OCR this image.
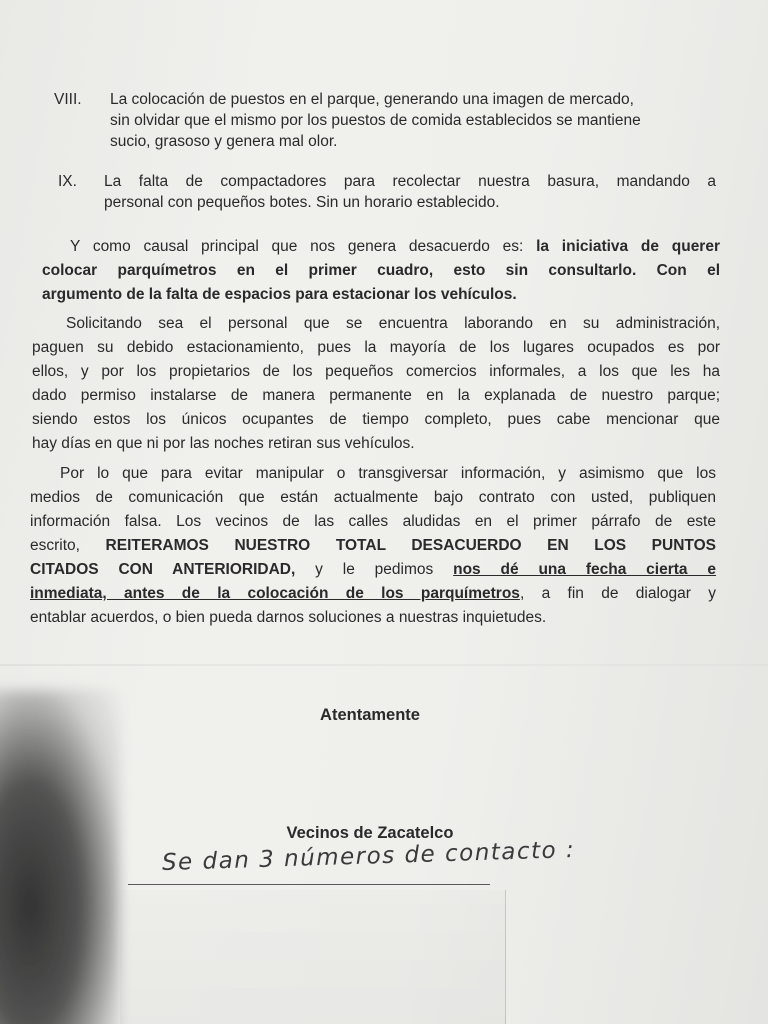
VIII. La colocación de puestos en el parque, generando una imagen de mercado,
sin olvidar que el mismo por los puestos de comida establecidos se mantiene
sucio, grasoso y genera mal olor.
IX. La falta de compactadores para recolectar nuestra basura, mandando a
personal con pequeños botes. Sin un horario establecido.
Y como causal principal que nos genera desacuerdo es: la iniciativa de querer
colocar parquímetros en el primer cuadro, esto sin consultarlo. Con el
argumento de la falta de espacios para estacionar los vehículos.
Solicitando sea el personal que se encuentra laborando en su administración,
paguen su debido estacionamiento, pues la mayoría de los lugares ocupados es por
ellos, y por los propietarios de los pequeños comercios informales, a los que les ha
dado permiso instalarse de manera permanente en la explanada de nuestro parque;
siendo estos los únicos ocupantes de tiempo completo, pues cabe mencionar que
hay días en que ni por las noches retiran sus vehículos.
Por lo que para evitar manipular o transgiversar información, y asimismo que los
medios de comunicación que están actualmente bajo contrato con usted, publiquen
información falsa. Los vecinos de las calles aludidas en el primer párrafo de este
escrito, REITERAMOS NUESTRO TOTAL DESACUERDO EN LOS PUNTOS
CITADOS CON ANTERIORIDAD, y le pedimos nos dé una fecha cierta e
inmediata, antes de la colocación de los parquímetros, a fin de dialogar y
entablar acuerdos, o bien pueda darnos soluciones a nuestras inquietudes.
Atentamente
Vecinos de Zacatelco
Se dan 3 números de contacto :
